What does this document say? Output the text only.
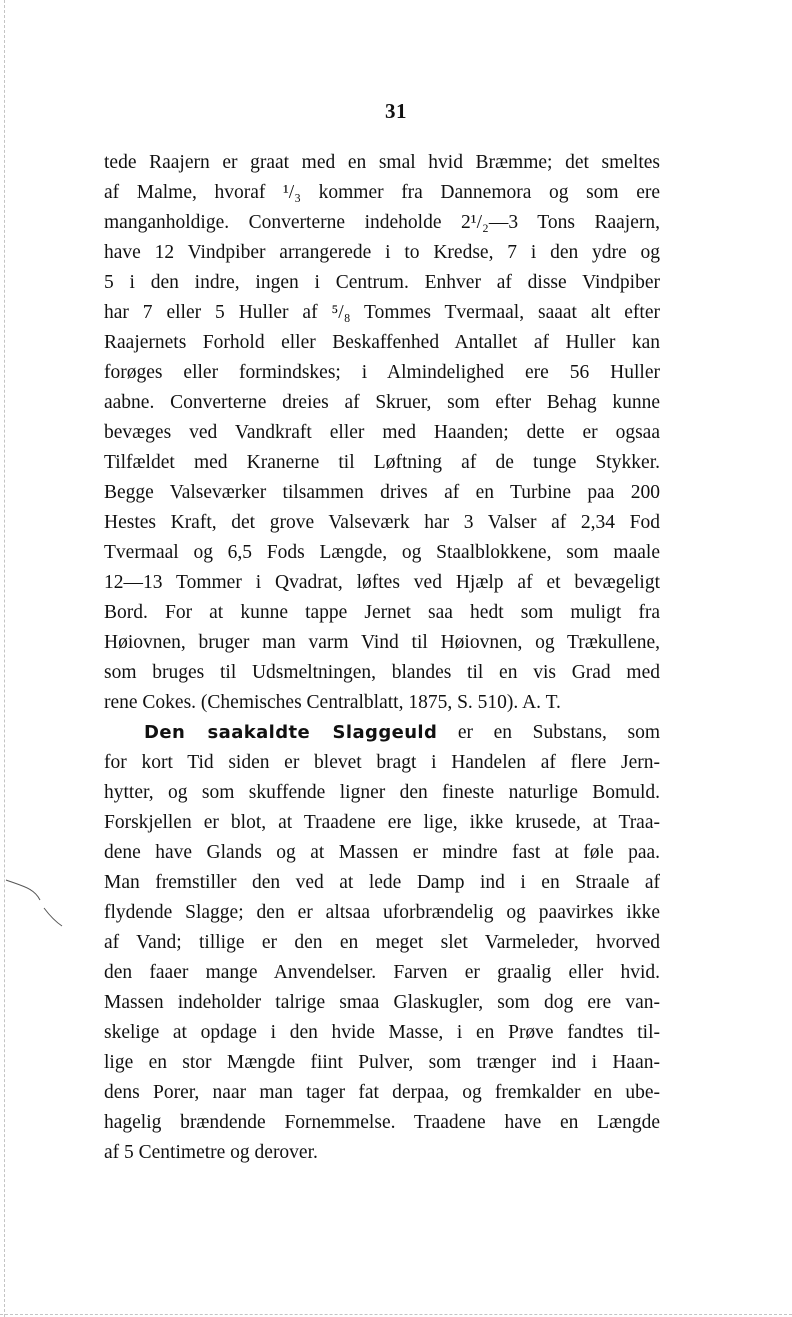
31
tede Raajern er graat med en smal hvid Bræmme; det smeltes
af Malme, hvoraf ¹/₃ kommer fra Dannemora og som ere
manganholdige. Converterne indeholde 2¹/₂—3 Tons Raajern,
have 12 Vindpiber arrangerede i to Kredse, 7 i den ydre og
5 i den indre, ingen i Centrum. Enhver af disse Vindpiber
har 7 eller 5 Huller af ⁵/₈ Tommes Tvermaal, saaat alt efter
Raajernets Forhold eller Beskaffenhed Antallet af Huller kan
forøges eller formindskes; i Almindelighed ere 56 Huller
aabne. Converterne dreies af Skruer, som efter Behag kunne
bevæges ved Vandkraft eller med Haanden; dette er ogsaa
Tilfældet med Kranerne til Løftning af de tunge Stykker.
Begge Valseværker tilsammen drives af en Turbine paa 200
Hestes Kraft, det grove Valseværk har 3 Valser af 2,34 Fod
Tvermaal og 6,5 Fods Længde, og Staalblokkene, som maale
12—13 Tommer i Qvadrat, løftes ved Hjælp af et bevægeligt
Bord. For at kunne tappe Jernet saa hedt som muligt fra
Høiovnen, bruger man varm Vind til Høiovnen, og Trækullene,
som bruges til Udsmeltningen, blandes til en vis Grad med
rene Cokes. (Chemisches Centralblatt, 1875, S. 510). A. T.
Den saakaldte Slaggeuld er en Substans, som
for kort Tid siden er blevet bragt i Handelen af flere Jern-
hytter, og som skuffende ligner den fineste naturlige Bomuld.
Forskjellen er blot, at Traadene ere lige, ikke krusede, at Traa-
dene have Glands og at Massen er mindre fast at føle paa.
Man fremstiller den ved at lede Damp ind i en Straale af
flydende Slagge; den er altsaa uforbrændelig og paavirkes ikke
af Vand; tillige er den en meget slet Varmeleder, hvorved
den faaer mange Anvendelser. Farven er graalig eller hvid.
Massen indeholder talrige smaa Glaskugler, som dog ere van-
skelige at opdage i den hvide Masse, i en Prøve fandtes til-
lige en stor Mængde fiint Pulver, som trænger ind i Haan-
dens Porer, naar man tager fat derpaa, og fremkalder en ube-
hagelig brændende Fornemmelse. Traadene have en Længde
af 5 Centimetre og derover.
